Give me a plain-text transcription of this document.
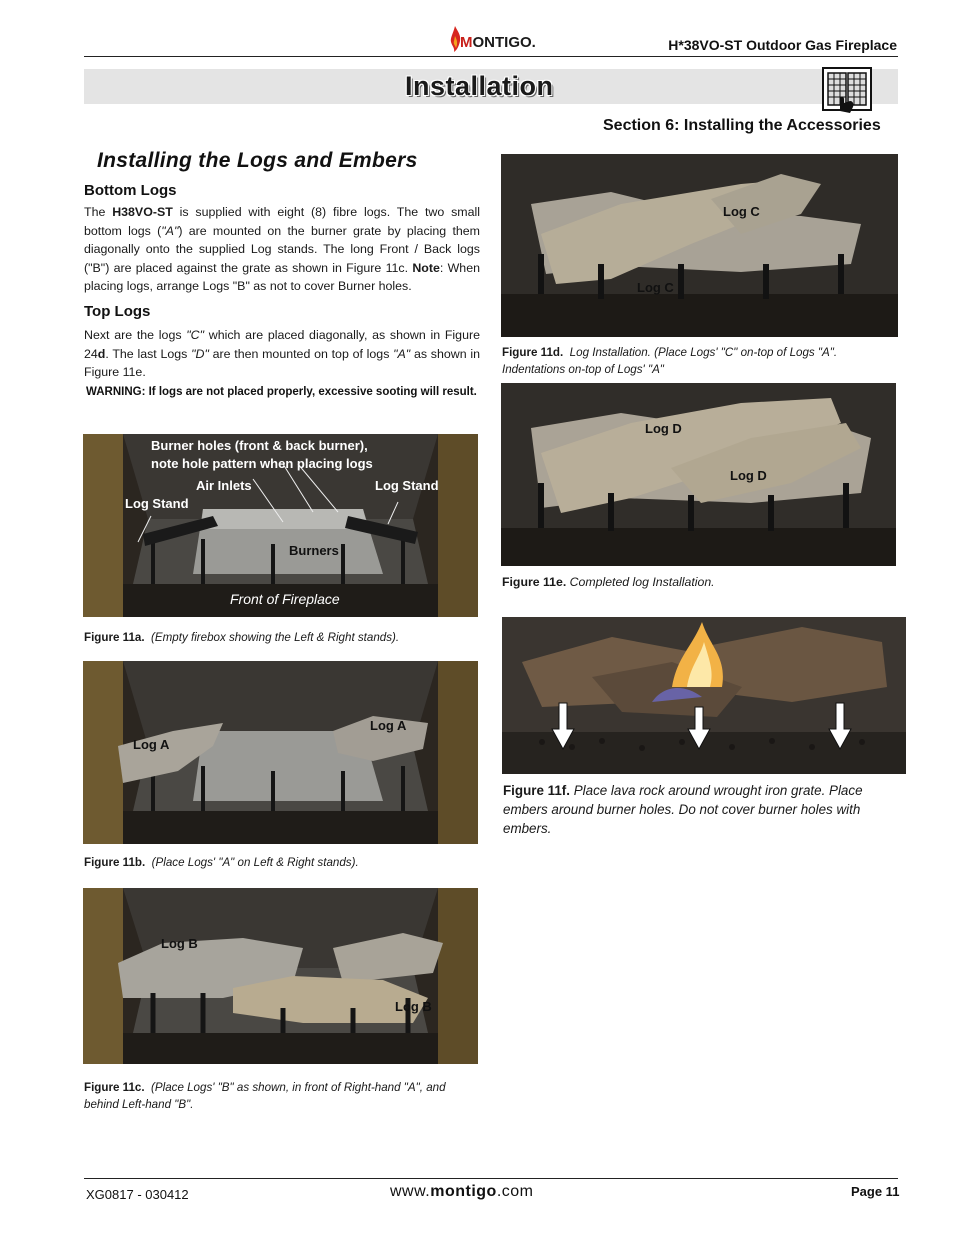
MONTIGO.	H*38VO-ST Outdoor Gas Fireplace
Installation
Section 6: Installing the Accessories
Installing the Logs and Embers
Bottom Logs
The H38VO-ST is supplied with eight (8) fibre logs. The two small bottom logs ("A") are mounted on the burner grate by placing them diagonally onto the supplied Log stands. The long Front / Back logs ("B") are placed against the grate as shown in Figure 11c. Note: When placing logs, arrange Logs "B" as not to cover Burner holes.
Top Logs
Next are the logs "C" which are placed diagonally, as shown in Figure 24d. The last Logs "D" are then mounted on top of logs "A" as shown in Figure 11e.
WARNING: If logs are not placed properly, excessive sooting will result.
Burner holes (front & back burner),
note hole pattern when placing logs
Air Inlets
Log Stand
Log Stand
Burners
Front of Fireplace
Figure 11a. (Empty firebox showing the Left & Right stands).
Log A
Log A
Figure 11b. (Place Logs' "A" on Left & Right stands).
Log B
Log B
Figure 11c. (Place Logs' "B" as shown, in front of Right-hand "A", and behind Left-hand "B".
Log C
Log C
Figure 11d. Log Installation. (Place Logs' "C" on-top of Logs "A". Indentations on-top of Logs' "A"
Log D
Log D
Figure 11e. Completed log Installation.
Figure 11f. Place lava rock around wrought iron grate. Place embers around burner holes. Do not cover burner holes with embers.
XG0817 - 030412	www.montigo.com	Page 11
